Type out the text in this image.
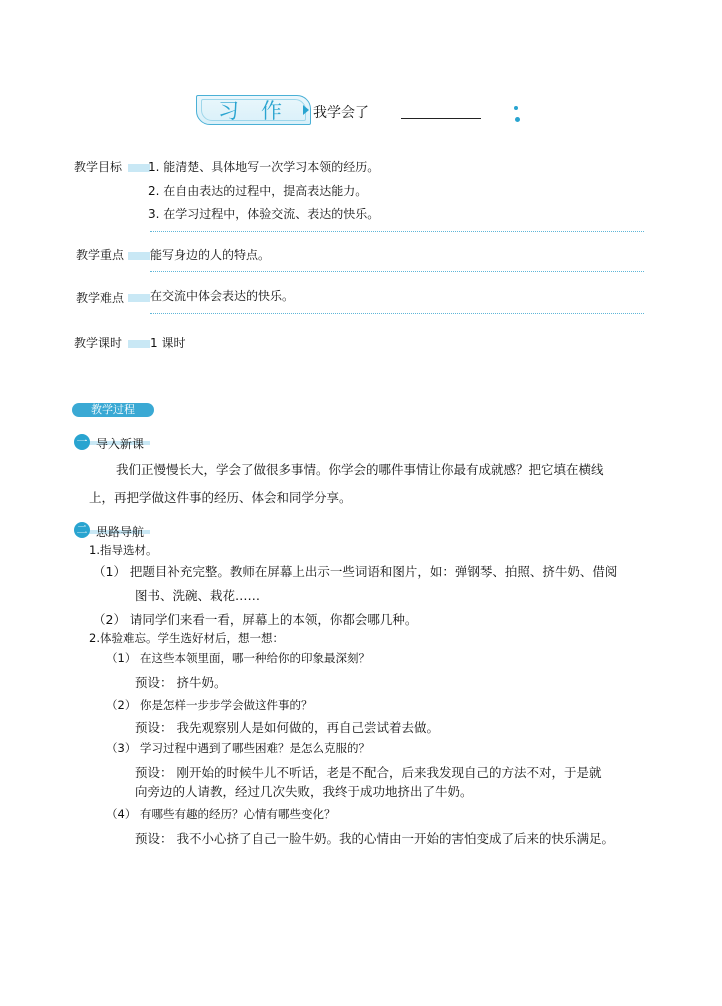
习作 我学会了
教学目标 1. 能清楚、具体地写一次学习本领的经历。
2. 在自由表达的过程中，提高表达能力。
3. 在学习过程中，体验交流、表达的快乐。
教学重点 能写身边的人的特点。
教学难点 在交流中体会表达的快乐。
教学课时 1 课时
教学过程
一 导入新课
我们正慢慢长大，学会了做很多事情。你学会的哪件事情让你最有成就感？把它填在横线
上，再把学做这件事的经历、体会和同学分享。
二 思路导航
1.指导选材。
（1） 把题目补充完整。教师在屏幕上出示一些词语和图片，如：弹钢琴、拍照、挤牛奶、借阅
图书、洗碗、栽花……
（2） 请同学们来看一看，屏幕上的本领，你都会哪几种。
2.体验难忘。学生选好材后，想一想：
（1） 在这些本领里面，哪一种给你的印象最深刻？
预设： 挤牛奶。
（2） 你是怎样一步步学会做这件事的？
预设： 我先观察别人是如何做的，再自己尝试着去做。
（3） 学习过程中遇到了哪些困难？是怎么克服的？
预设： 刚开始的时候牛儿不听话，老是不配合，后来我发现自己的方法不对，于是就
向旁边的人请教，经过几次失败，我终于成功地挤出了牛奶。
（4） 有哪些有趣的经历？心情有哪些变化？
预设： 我不小心挤了自己一脸牛奶。我的心情由一开始的害怕变成了后来的快乐满足。
